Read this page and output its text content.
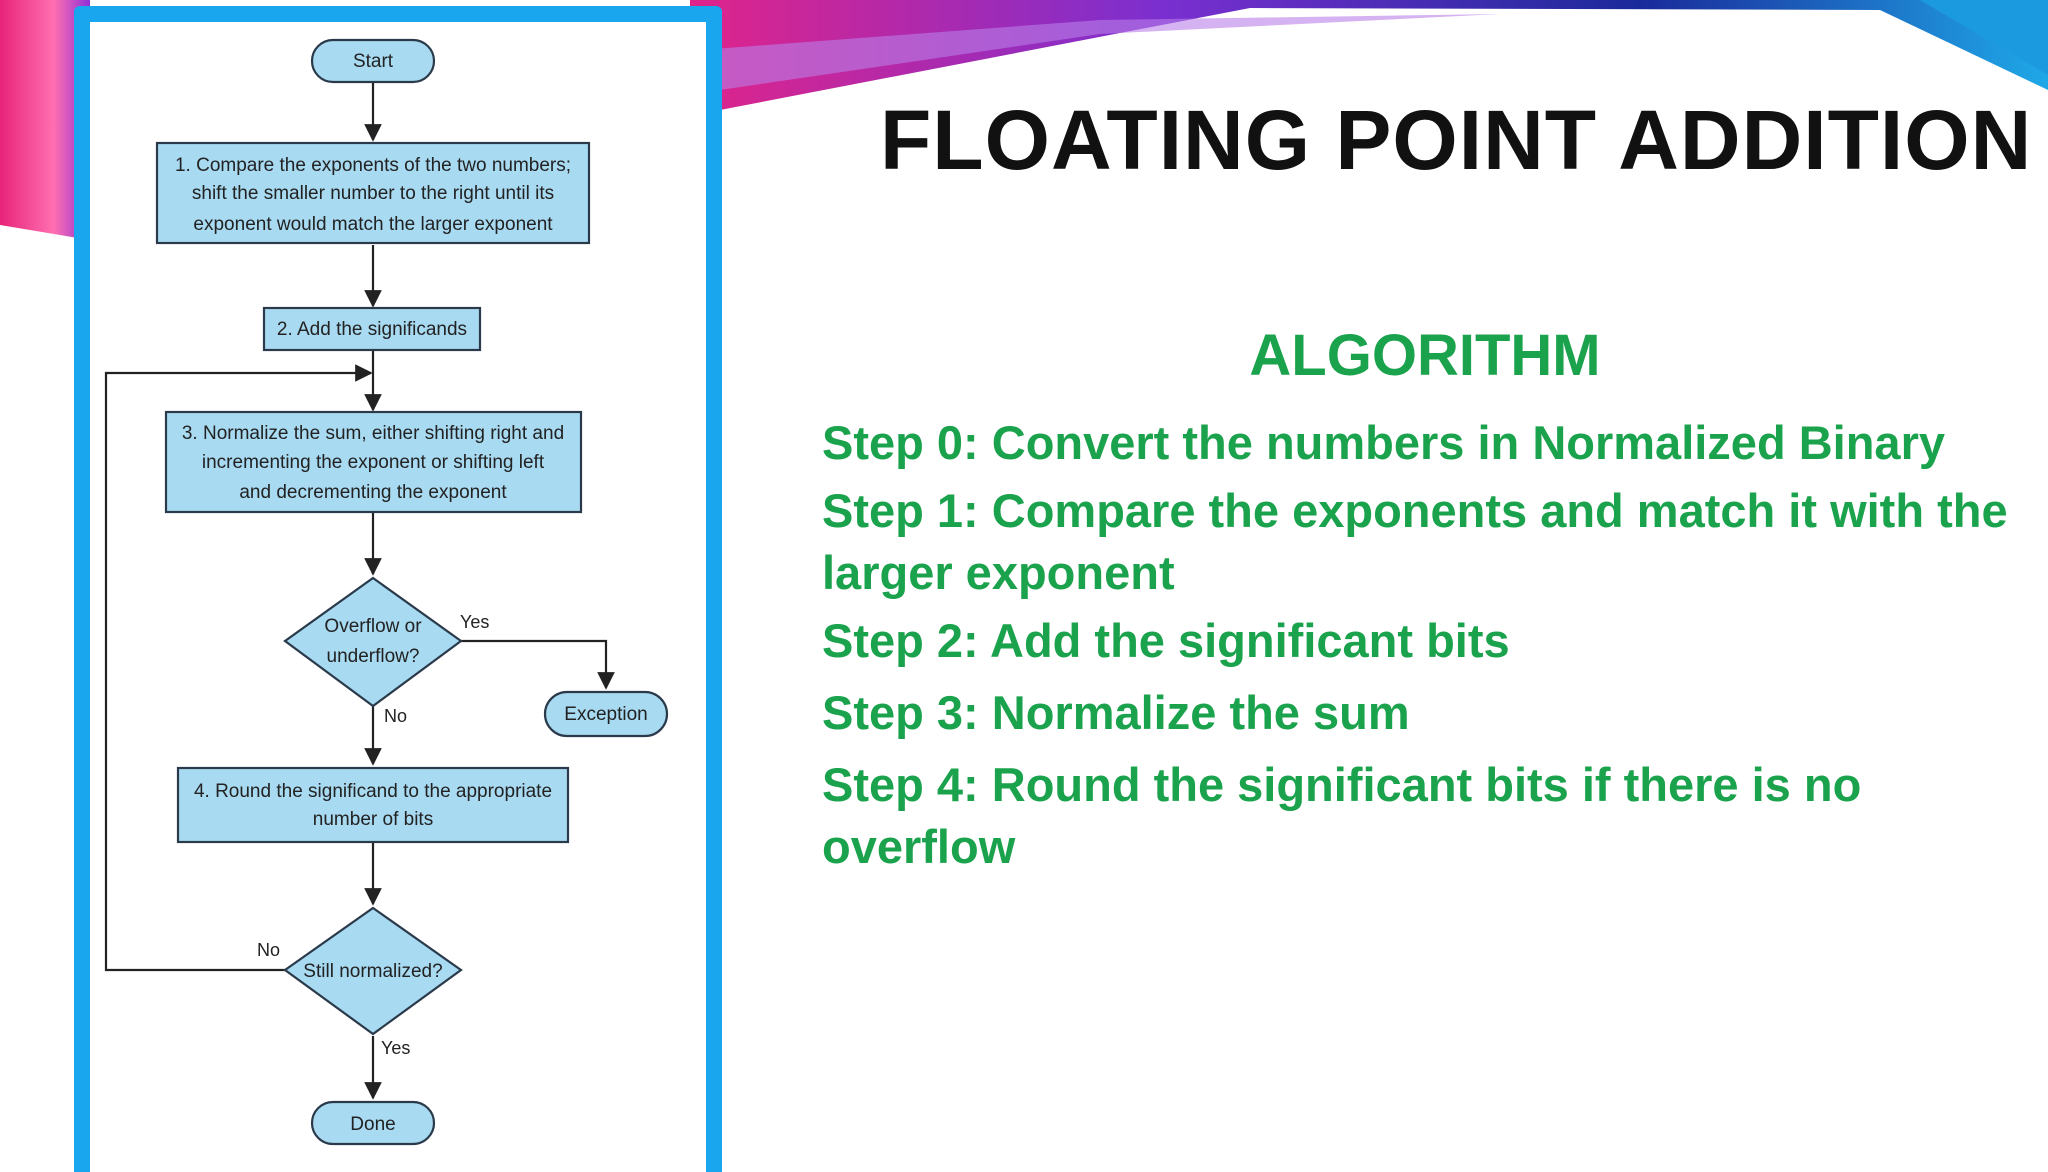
Start
1. Compare the exponents of the two numbers;
shift the smaller number to the right until its
exponent would match the larger exponent
2. Add the significands
3. Normalize the sum, either shifting right and
incrementing the exponent or shifting left
and decrementing the exponent
Overflow or
underflow?
Exception
4. Round the significand to the appropriate
number of bits
Still normalized?
Done
Yes
No
No
Yes
FLOATING POINT ADDITION
ALGORITHM
Step 0: Convert the numbers in Normalized Binary
Step 1: Compare the exponents and match it with the larger exponent
Step 2: Add the significant bits
Step 3: Normalize the sum
Step 4: Round the significant bits if there is no overflow
